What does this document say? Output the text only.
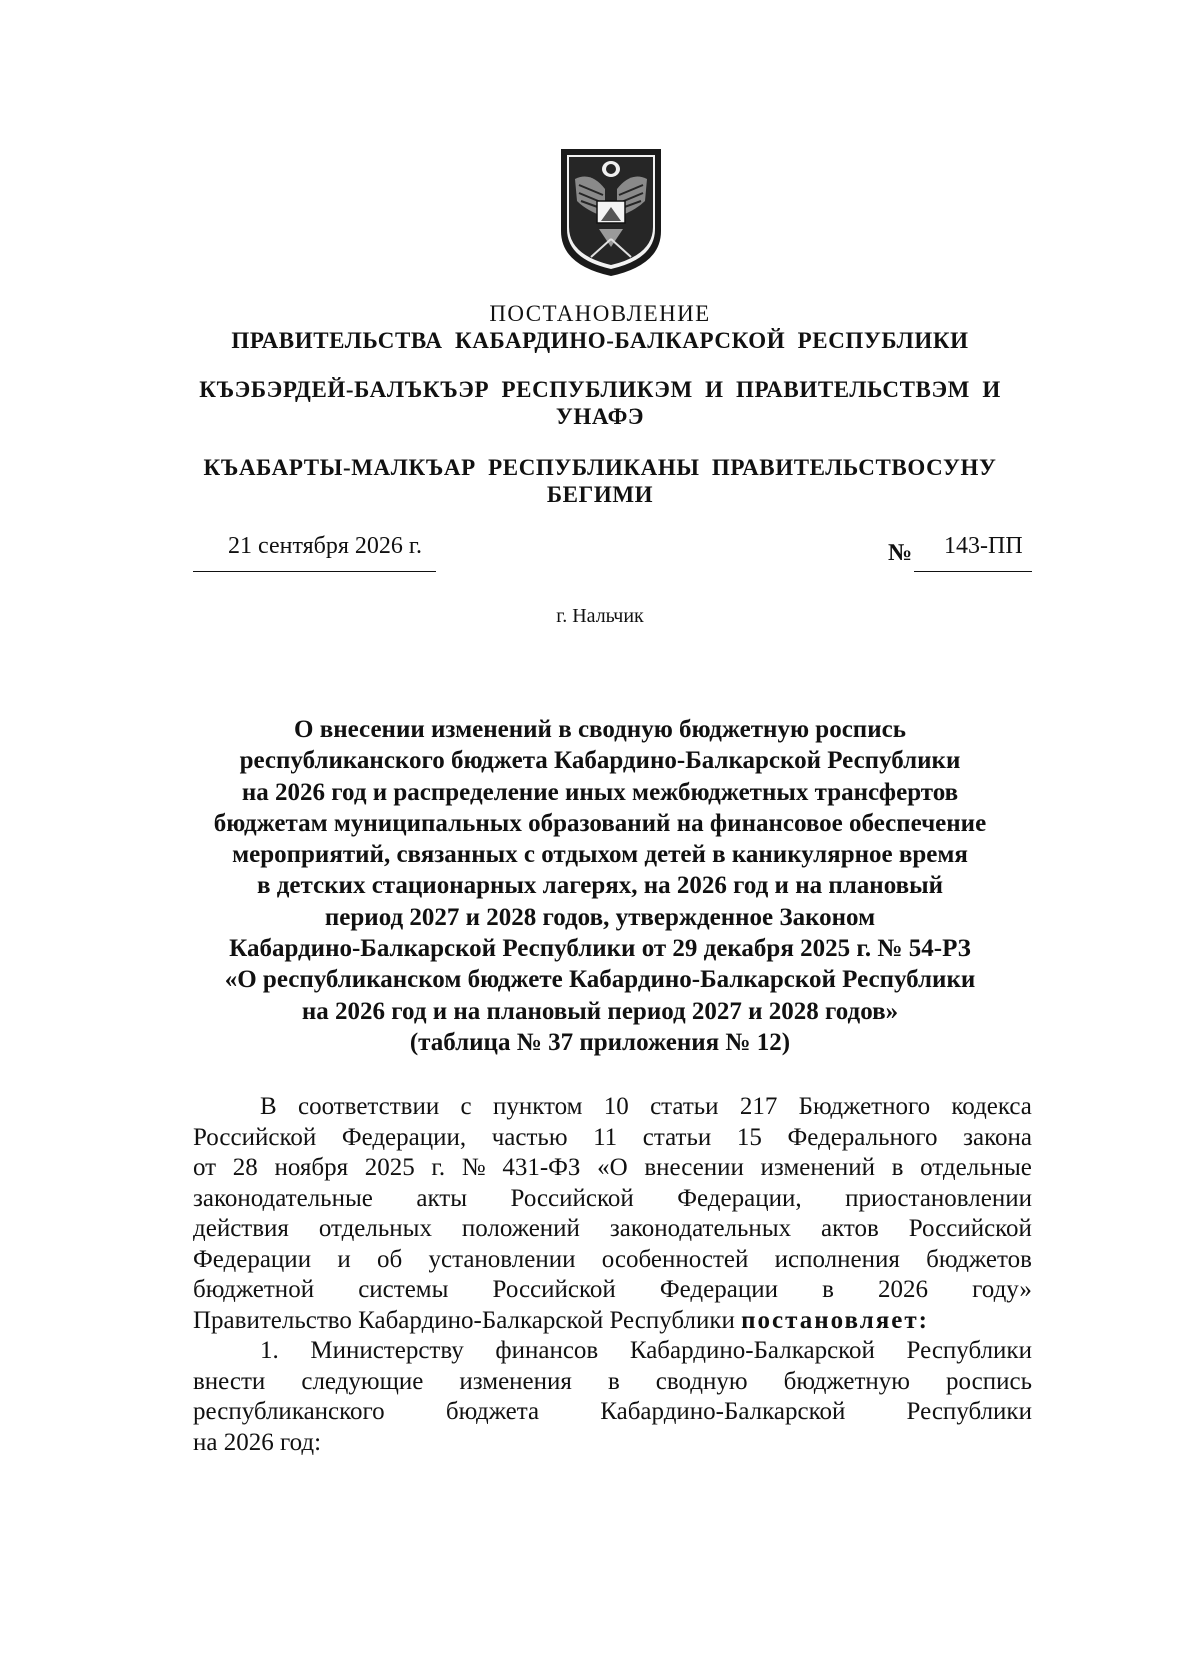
ПОСТАНОВЛЕНИЕ
ПРАВИТЕЛЬСТВА КАБАРДИНО-БАЛКАРСКОЙ РЕСПУБЛИКИ
КЪЭБЭРДЕЙ-БАЛЪКЪЭР РЕСПУБЛИКЭМ И ПРАВИТЕЛЬСТВЭМ И
УНАФЭ
КЪАБАРТЫ-МАЛКЪАР РЕСПУБЛИКАНЫ ПРАВИТЕЛЬСТВОСУНУ
БЕГИМИ
21 сентября 2026 г.	№ 143-ПП
г. Нальчик
О внесении изменений в сводную бюджетную роспись
республиканского бюджета Кабардино-Балкарской Республики
на 2026 год и распределение иных межбюджетных трансфертов
бюджетам муниципальных образований на финансовое обеспечение
мероприятий, связанных с отдыхом детей в каникулярное время
в детских стационарных лагерях, на 2026 год и на плановый
период 2027 и 2028 годов, утвержденное Законом
Кабардино-Балкарской Республики от 29 декабря 2025 г. № 54-РЗ
«О республиканском бюджете Кабардино-Балкарской Республики
на 2026 год и на плановый период 2027 и 2028 годов»
(таблица № 37 приложения № 12)
В соответствии с пунктом 10 статьи 217 Бюджетного кодекса
Российской Федерации, частью 11 статьи 15 Федерального закона
от 28 ноября 2025 г. № 431-ФЗ «О внесении изменений в отдельные
законодательные акты Российской Федерации, приостановлении
действия отдельных положений законодательных актов Российской
Федерации и об установлении особенностей исполнения бюджетов
бюджетной системы Российской Федерации в 2026 году»
Правительство Кабардино-Балкарской Республики постановляет:
1. Министерству финансов Кабардино-Балкарской Республики
внести следующие изменения в сводную бюджетную роспись
республиканского бюджета Кабардино-Балкарской Республики
на 2026 год:
